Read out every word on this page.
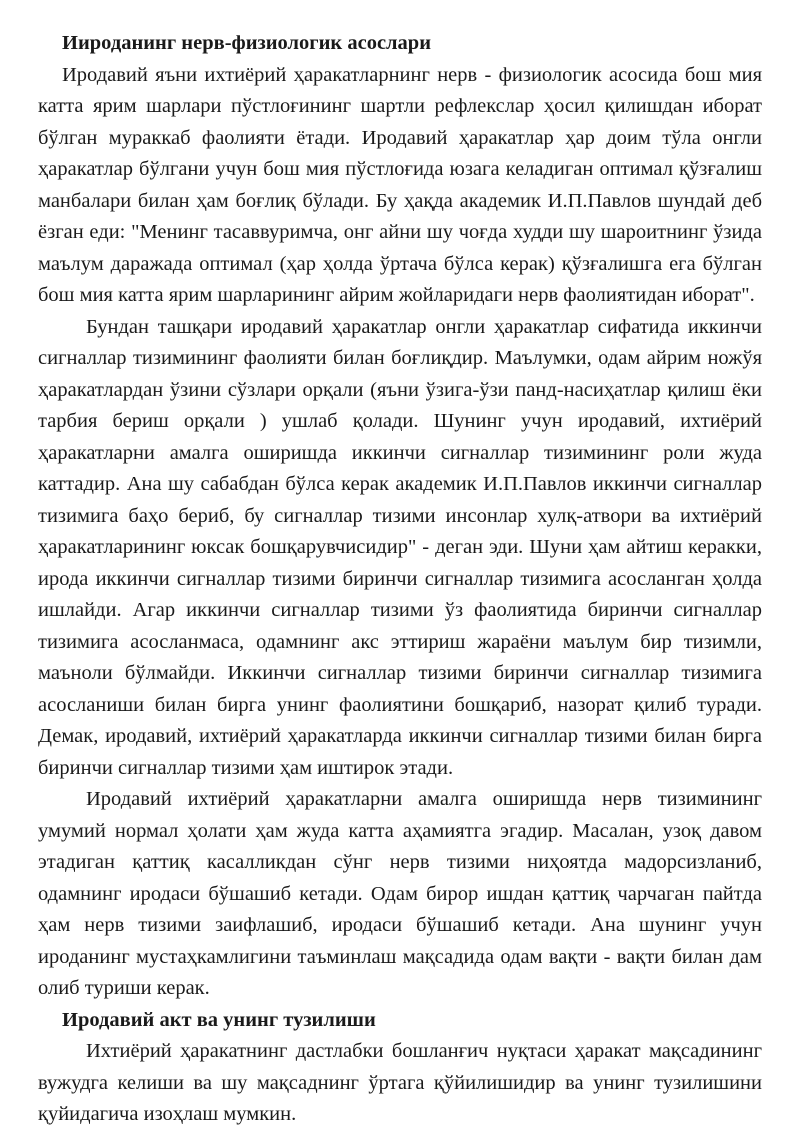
Иироданинг нерв-физиологик асослари

Иродавий яъни ихтиёрий ҳаракатларнинг нерв - физиологик асосида бош мия катта ярим шарлари пўстлоғининг шартли рефлекслар ҳосил қилишдан иборат бўлган мураккаб фаолияти ётади. Иродавий ҳаракатлар ҳар доим тўла онгли ҳаракатлар бўлгани учун бош мия пўстлоғида юзага келадиган оптимал қўзғалиш манбалари билан ҳам боғлиқ бўлади. Бу ҳақда академик И.П.Павлов шундай деб ёзган еди: "Менинг тасаввуримча, онг айни шу чоғда худди шу шароитнинг ўзида маълум даражада оптимал (ҳар ҳолда ўртача бўлса керак) қўзғалишга ега бўлган бош мия катта ярим шарларининг айрим жойларидаги нерв фаолиятидан иборат".

Бундан ташқари иродавий ҳаракатлар онгли ҳаракатлар сифатида иккинчи сигналлар тизимининг фаолияти билан боғлиқдир. Маълумки, одам айрим ножўя ҳаракатлардан ўзини сўзлари орқали (яъни ўзига-ўзи панд-насиҳатлар қилиш ёки тарбия бериш орқали ) ушлаб қолади. Шунинг учун иродавий, ихтиёрий ҳаракатларни амалга оширишда иккинчи сигналлар тизимининг роли жуда каттадир. Ана шу сабабдан бўлса керак академик И.П.Павлов иккинчи сигналлар тизимига баҳо бериб, бу сигналлар тизими инсонлар хулқ-атвори ва ихтиёрий ҳаракатларининг юксак бошқарувчисидир" - деган эди. Шуни ҳам айтиш керакки, ирода иккинчи сигналлар тизими биринчи сигналлар тизимига асосланган ҳолда ишлайди. Агар иккинчи сигналлар тизими ўз фаолиятида биринчи сигналлар тизимига асосланмаса, одамнинг акс эттириш жараёни маълум бир тизимли, маъноли бўлмайди. Иккинчи сигналлар тизими биринчи сигналлар тизимига асосланиши билан бирга унинг фаолиятини бошқариб, назорат қилиб туради. Демак, иродавий, ихтиёрий ҳаракатларда иккинчи сигналлар тизими билан бирга биринчи сигналлар тизими ҳам иштирок этади.

Иродавий ихтиёрий ҳаракатларни амалга оширишда нерв тизимининг умумий нормал ҳолати ҳам жуда катта аҳамиятга эгадир. Масалан, узоқ давом этадиган қаттиқ касалликдан сўнг нерв тизими ниҳоятда мадорсизланиб, одамнинг иродаси бўшашиб кетади. Одам бирор ишдан қаттиқ чарчаган пайтда ҳам нерв тизими заифлашиб, иродаси бўшашиб кетади. Ана шунинг учун ироданинг мустаҳкамлигини таъминлаш мақсадида одам вақти - вақти билан дам олиб туриши керак.

Иродавий акт ва унинг тузилиши

Ихтиёрий ҳаракатнинг дастлабки бошланғич нуқтаси ҳаракат мақсадининг вужудга келиши ва шу мақсаднинг ўртага қўйилишидир ва унинг тузилишини қуйидагича изоҳлаш мумкин.
